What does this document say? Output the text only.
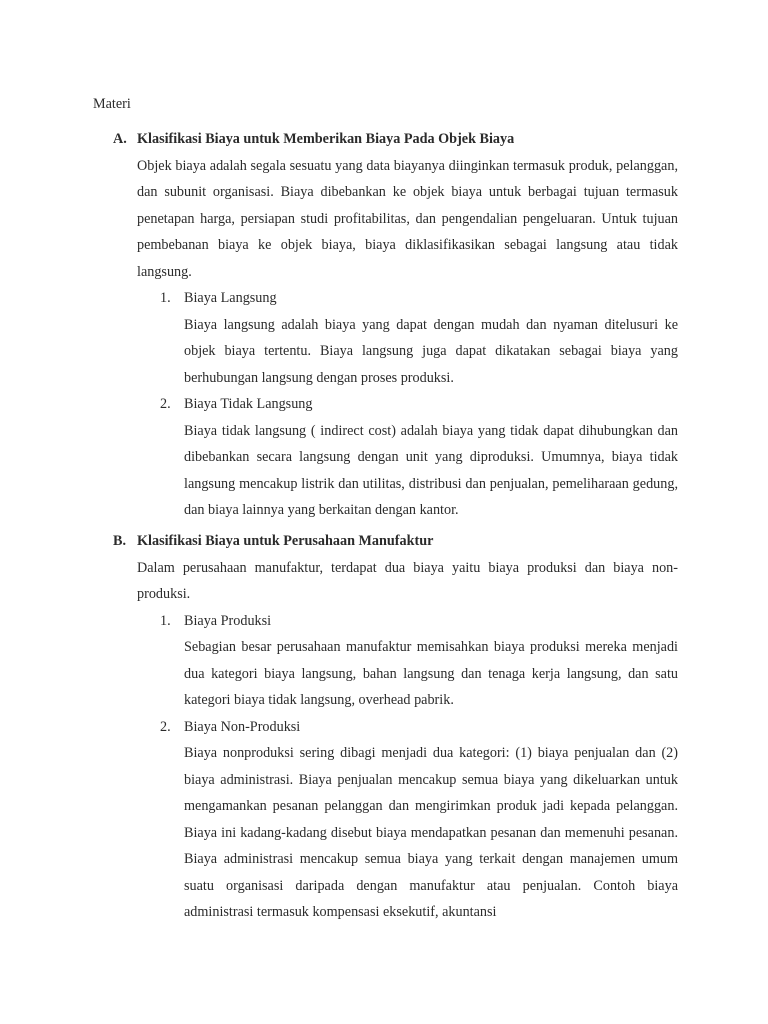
Materi
A. Klasifikasi Biaya untuk Memberikan Biaya Pada Objek Biaya

Objek biaya adalah segala sesuatu yang data biayanya diinginkan termasuk produk, pelanggan, dan subunit organisasi. Biaya dibebankan ke objek biaya untuk berbagai tujuan termasuk penetapan harga, persiapan studi profitabilitas, dan pengendalian pengeluaran. Untuk tujuan pembebanan biaya ke objek biaya, biaya diklasifikasikan sebagai langsung atau tidak langsung.

1. Biaya Langsung

Biaya langsung adalah biaya yang dapat dengan mudah dan nyaman ditelusuri ke objek biaya tertentu. Biaya langsung juga dapat dikatakan sebagai biaya yang berhubungan langsung dengan proses produksi.

2. Biaya Tidak Langsung

Biaya tidak langsung ( indirect cost) adalah biaya yang tidak dapat dihubungkan dan dibebankan secara langsung dengan unit yang diproduksi. Umumnya, biaya tidak langsung mencakup listrik dan utilitas, distribusi dan penjualan, pemeliharaan gedung, dan biaya lainnya yang berkaitan dengan kantor.

B. Klasifikasi Biaya untuk Perusahaan Manufaktur

Dalam perusahaan manufaktur, terdapat dua biaya yaitu biaya produksi dan biaya non-produksi.

1. Biaya Produksi

Sebagian besar perusahaan manufaktur memisahkan biaya produksi mereka menjadi dua kategori biaya langsung, bahan langsung dan tenaga kerja langsung, dan satu kategori biaya tidak langsung, overhead pabrik.

2. Biaya Non-Produksi

Biaya nonproduksi sering dibagi menjadi dua kategori: (1) biaya penjualan dan (2) biaya administrasi. Biaya penjualan mencakup semua biaya yang dikeluarkan untuk mengamankan pesanan pelanggan dan mengirimkan produk jadi kepada pelanggan. Biaya ini kadang-kadang disebut biaya mendapatkan pesanan dan memenuhi pesanan. Biaya administrasi mencakup semua biaya yang terkait dengan manajemen umum suatu organisasi daripada dengan manufaktur atau penjualan. Contoh biaya administrasi termasuk kompensasi eksekutif, akuntansi
